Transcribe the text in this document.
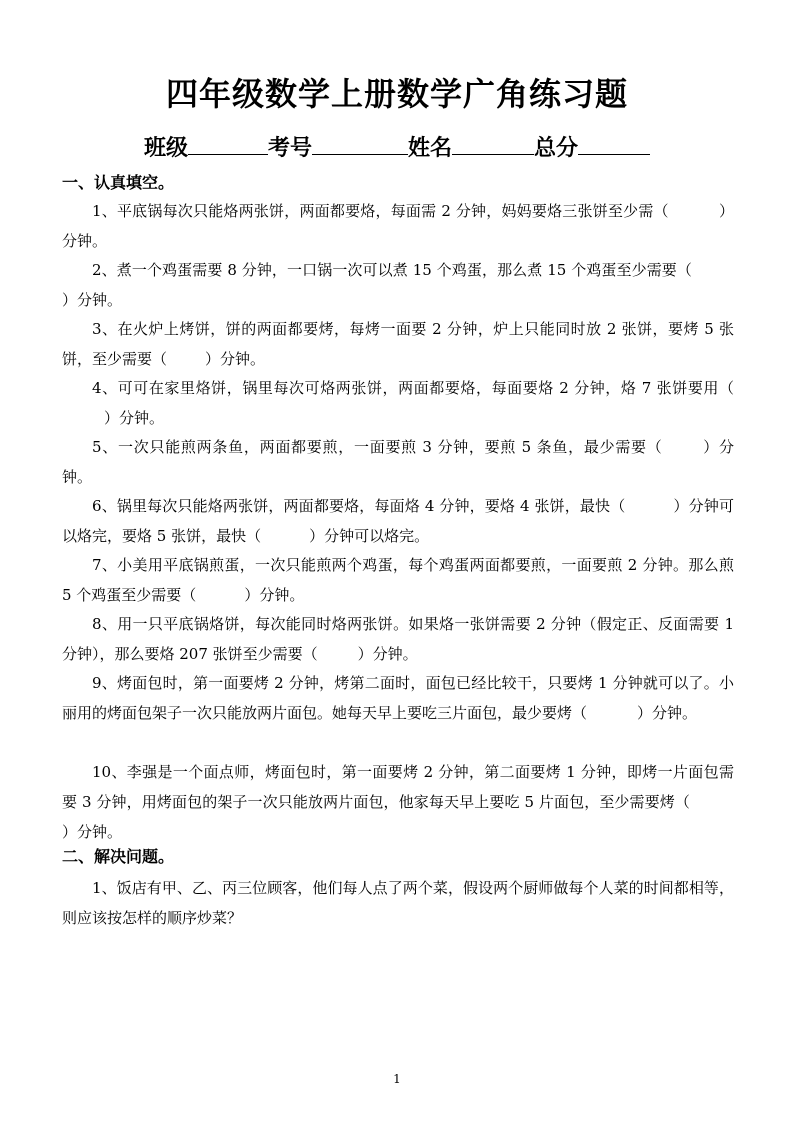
四年级数学上册数学广角练习题
班级	考号	姓名	总分
一、认真填空。

1、平底锅每次只能烙两张饼，两面都要烙，每面需 2 分钟，妈妈要烙三张饼至少需（	）分钟。

2、煮一个鸡蛋需要 8 分钟，一口锅一次可以煮 15 个鸡蛋，那么煮 15 个鸡蛋至少需要（）分钟。

3、在火炉上烤饼，饼的两面都要烤，每烤一面要 2 分钟，炉上只能同时放 2 张饼，要烤 5 张饼，至少需要（	）分钟。

4、可可在家里烙饼，锅里每次可烙两张饼，两面都要烙，每面要烙 2 分钟，烙 7 张饼要用（）分钟。

5、一次只能煎两条鱼，两面都要煎，一面要煎 3 分钟，要煎 5 条鱼，最少需要（	）分钟。

6、锅里每次只能烙两张饼，两面都要烙，每面烙 4 分钟，要烙 4 张饼，最快（	）分钟可以烙完，要烙 5 张饼，最快（	）分钟可以烙完。

7、小美用平底锅煎蛋，一次只能煎两个鸡蛋，每个鸡蛋两面都要煎，一面要煎 2 分钟。那么煎 5 个鸡蛋至少需要（	）分钟。

8、用一只平底锅烙饼，每次能同时烙两张饼。如果烙一张饼需要 2 分钟（假定正、反面需要 1 分钟），那么要烙 207 张饼至少需要（	）分钟。

9、烤面包时，第一面要烤 2 分钟，烤第二面时，面包已经比较干，只要烤 1 分钟就可以了。小丽用的烤面包架子一次只能放两片面包。她每天早上要吃三片面包，最少要烤（	）分钟。

10、李强是一个面点师，烤面包时，第一面要烤 2 分钟，第二面要烤 1 分钟，即烤一片面包需要 3 分钟，用烤面包的架子一次只能放两片面包，他家每天早上要吃 5 片面包，至少需要烤（）分钟。

二、解决问题。

1、饭店有甲、乙、丙三位顾客，他们每人点了两个菜，假设两个厨师做每个人菜的时间都相等，则应该按怎样的顺序炒菜？

1
